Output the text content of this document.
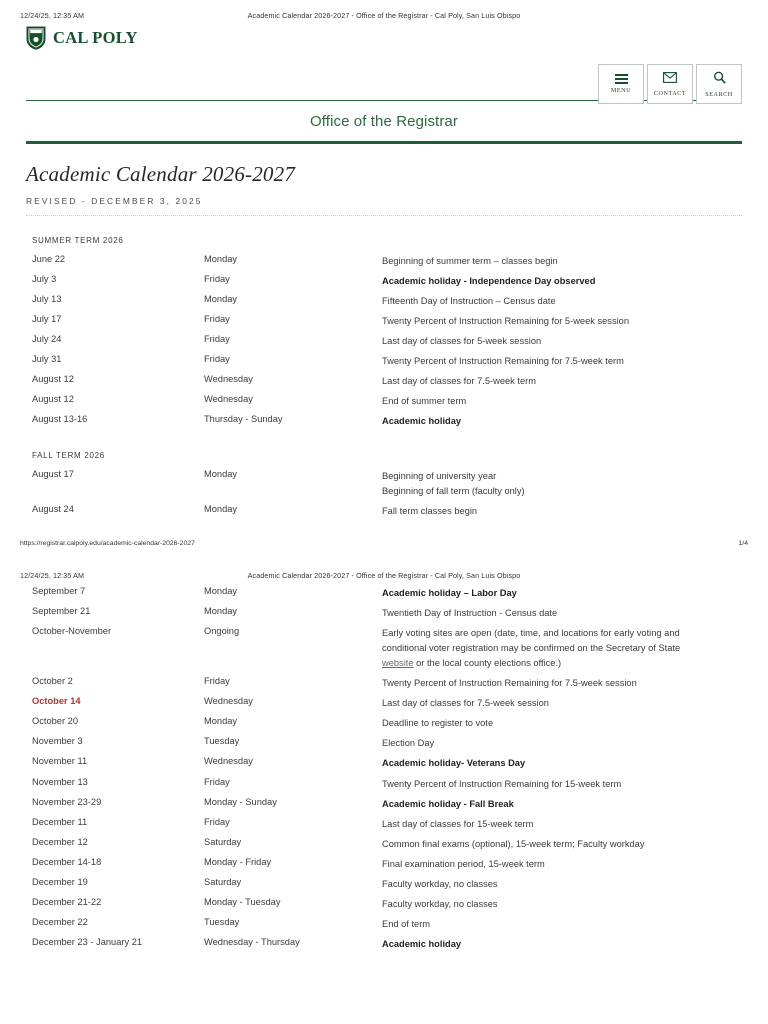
12/24/25, 12:35 AM	Academic Calendar 2026-2027 - Office of the Registrar - Cal Poly, San Luis Obispo
CAL POLY
MENU	CONTACT	SEARCH
Office of the Registrar
Academic Calendar 2026-2027
REVISED - DECEMBER 3, 2025
SUMMER TERM 2026
June 22	Monday	Beginning of summer term – classes begin
July 3	Friday	Academic holiday - Independence Day observed
July 13	Monday	Fifteenth Day of Instruction – Census date
July 17	Friday	Twenty Percent of Instruction Remaining for 5-week session
July 24	Friday	Last day of classes for 5-week session
July 31	Friday	Twenty Percent of Instruction Remaining for 7.5-week term
August 12	Wednesday	Last day of classes for 7.5-week term
August 12	Wednesday	End of summer term
August 13-16	Thursday - Sunday	Academic holiday
FALL TERM 2026
August 17	Monday	Beginning of university year
Beginning of fall term (faculty only)
August 24	Monday	Fall term classes begin
https://registrar.calpoly.edu/academic-calendar-2026-2027	1/4
12/24/25, 12:35 AM	Academic Calendar 2026-2027 - Office of the Registrar - Cal Poly, San Luis Obispo
September 7	Monday	Academic holiday – Labor Day
September 21	Monday	Twentieth Day of Instruction - Census date
October-November	Ongoing	Early voting sites are open (date, time, and locations for early voting and
conditional voter registration may be confirmed on the Secretary of State
website or the local county elections office.)
October 2	Friday	Twenty Percent of Instruction Remaining for 7.5-week session
October 14	Wednesday	Last day of classes for 7.5-week session
October 20	Monday	Deadline to register to vote
November 3	Tuesday	Election Day
November 11	Wednesday	Academic holiday- Veterans Day
November 13	Friday	Twenty Percent of Instruction Remaining for 15-week term
November 23-29	Monday - Sunday	Academic holiday - Fall Break
December 11	Friday	Last day of classes for 15-week term
December 12	Saturday	Common final exams (optional), 15-week term; Faculty workday
December 14-18	Monday - Friday	Final examination period, 15-week term
December 19	Saturday	Faculty workday, no classes
December 21-22	Monday - Tuesday	Faculty workday, no classes
December 22	Tuesday	End of term
December 23 - January 21	Wednesday - Thursday	Academic holiday
